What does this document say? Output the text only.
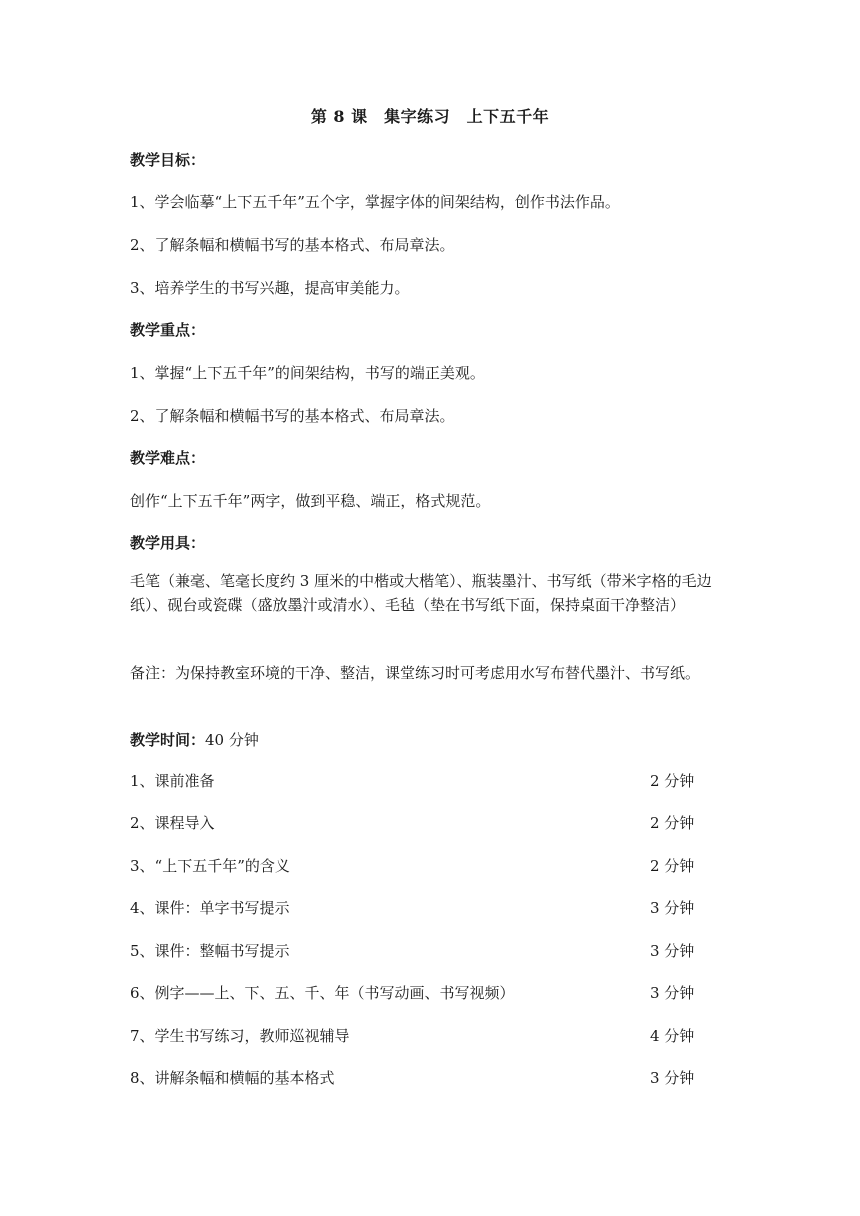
第 8 课　集字练习　上下五千年
教学目标：
1、学会临摹“上下五千年”五个字，掌握字体的间架结构，创作书法作品。
2、了解条幅和横幅书写的基本格式、布局章法。
3、培养学生的书写兴趣，提高审美能力。
教学重点：
1、掌握“上下五千年”的间架结构，书写的端正美观。
2、了解条幅和横幅书写的基本格式、布局章法。
教学难点：
创作“上下五千年”两字，做到平稳、端正，格式规范。
教学用具：
毛笔（兼毫、笔毫长度约 3 厘米的中楷或大楷笔）、瓶装墨汁、书写纸（带米字格的毛边纸）、砚台或瓷碟（盛放墨汁或清水）、毛毡（垫在书写纸下面，保持桌面干净整洁）
备注：为保持教室环境的干净、整洁，课堂练习时可考虑用水写布替代墨汁、书写纸。
教学时间：40 分钟
1、课前准备	2 分钟
2、课程导入	2 分钟
3、“上下五千年”的含义	2 分钟
4、课件：单字书写提示	3 分钟
5、课件：整幅书写提示	3 分钟
6、例字——上、下、五、千、年（书写动画、书写视频）	3 分钟
7、学生书写练习，教师巡视辅导	4 分钟
8、讲解条幅和横幅的基本格式	3 分钟
